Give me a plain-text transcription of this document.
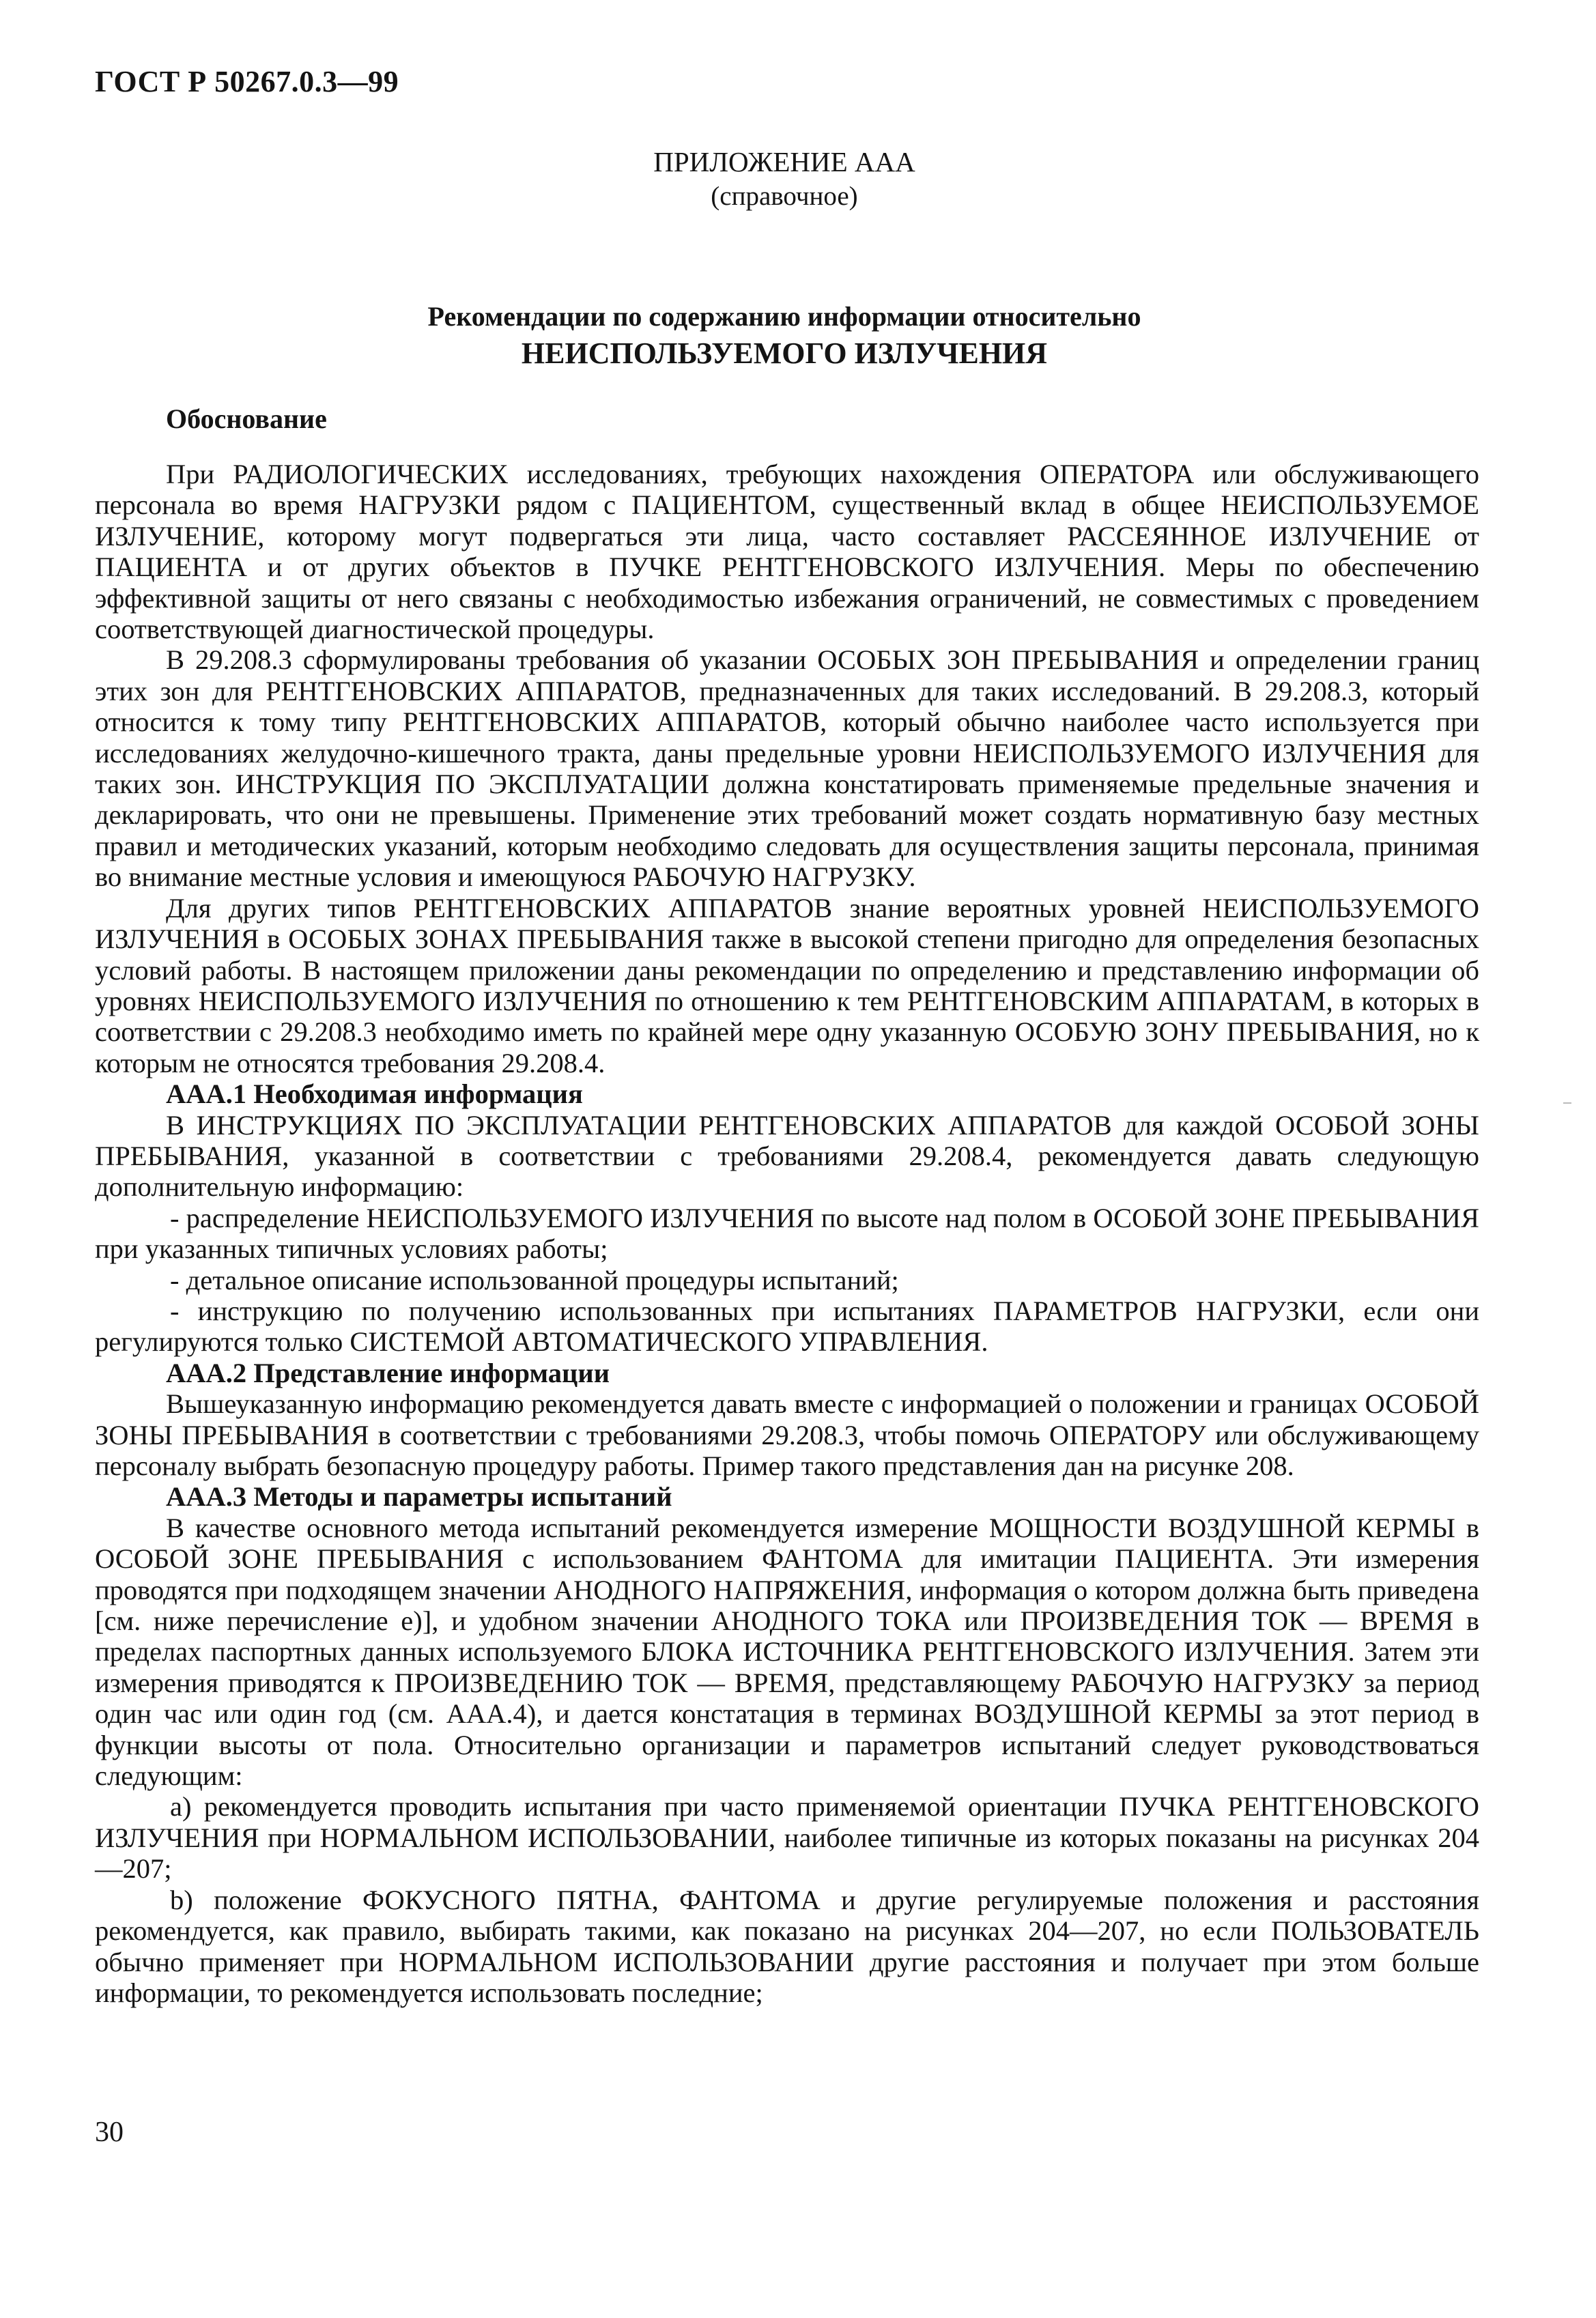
ГОСТ Р 50267.0.3—99
ПРИЛОЖЕНИЕ ААА
(справочное)
Рекомендации по содержанию информации относительно
НЕИСПОЛЬЗУЕМОГО ИЗЛУЧЕНИЯ
Обоснование

При РАДИОЛОГИЧЕСКИХ исследованиях, требующих нахождения ОПЕРАТОРА или обслуживающего персонала во время НАГРУЗКИ рядом с ПАЦИЕНТОМ, существенный вклад в общее НЕИСПОЛЬЗУЕМОЕ ИЗЛУЧЕНИЕ, которому могут подвергаться эти лица, часто составляет РАССЕЯННОЕ ИЗЛУЧЕНИЕ от ПАЦИЕНТА и от других объектов в ПУЧКЕ РЕНТГЕНОВСКОГО ИЗЛУЧЕНИЯ. Меры по обеспечению эффективной защиты от него связаны с необходимостью избежания ограничений, не совместимых с проведением соответствующей диагностической процедуры.

В 29.208.3 сформулированы требования об указании ОСОБЫХ ЗОН ПРЕБЫВАНИЯ и определении границ этих зон для РЕНТГЕНОВСКИХ АППАРАТОВ, предназначенных для таких исследований. В 29.208.3, который относится к тому типу РЕНТГЕНОВСКИХ АППАРАТОВ, который обычно наиболее часто используется при исследованиях желудочно-кишечного тракта, даны предельные уровни НЕИСПОЛЬЗУЕМОГО ИЗЛУЧЕНИЯ для таких зон. ИНСТРУКЦИЯ ПО ЭКСПЛУАТАЦИИ должна констатировать применяемые предельные значения и декларировать, что они не превышены. Применение этих требований может создать нормативную базу местных правил и методических указаний, которым необходимо следовать для осуществления защиты персонала, принимая во внимание местные условия и имеющуюся РАБОЧУЮ НАГРУЗКУ.

Для других типов РЕНТГЕНОВСКИХ АППАРАТОВ знание вероятных уровней НЕИСПОЛЬЗУЕМОГО ИЗЛУЧЕНИЯ в ОСОБЫХ ЗОНАХ ПРЕБЫВАНИЯ также в высокой степени пригодно для определения безопасных условий работы. В настоящем приложении даны рекомендации по определению и представлению информации об уровнях НЕИСПОЛЬЗУЕМОГО ИЗЛУЧЕНИЯ по отношению к тем РЕНТГЕНОВСКИМ АППАРАТАМ, в которых в соответствии с 29.208.3 необходимо иметь по крайней мере одну указанную ОСОБУЮ ЗОНУ ПРЕБЫВАНИЯ, но к которым не относятся требования 29.208.4.

ААА.1 Необходимая информация

В ИНСТРУКЦИЯХ ПО ЭКСПЛУАТАЦИИ РЕНТГЕНОВСКИХ АППАРАТОВ для каждой ОСОБОЙ ЗОНЫ ПРЕБЫВАНИЯ, указанной в соответствии с требованиями 29.208.4, рекомендуется давать следующую дополнительную информацию:

- распределение НЕИСПОЛЬЗУЕМОГО ИЗЛУЧЕНИЯ по высоте над полом в ОСОБОЙ ЗОНЕ ПРЕБЫВАНИЯ при указанных типичных условиях работы;

- детальное описание использованной процедуры испытаний;

- инструкцию по получению использованных при испытаниях ПАРАМЕТРОВ НАГРУЗКИ, если они регулируются только СИСТЕМОЙ АВТОМАТИЧЕСКОГО УПРАВЛЕНИЯ.

ААА.2 Представление информации

Вышеуказанную информацию рекомендуется давать вместе с информацией о положении и границах ОСОБОЙ ЗОНЫ ПРЕБЫВАНИЯ в соответствии с требованиями 29.208.3, чтобы помочь ОПЕРАТОРУ или обслуживающему персоналу выбрать безопасную процедуру работы. Пример такого представления дан на рисунке 208.

ААА.3 Методы и параметры испытаний

В качестве основного метода испытаний рекомендуется измерение МОЩНОСТИ ВОЗДУШНОЙ КЕРМЫ в ОСОБОЙ ЗОНЕ ПРЕБЫВАНИЯ с использованием ФАНТОМА для имитации ПАЦИЕНТА. Эти измерения проводятся при подходящем значении АНОДНОГО НАПРЯЖЕНИЯ, информация о котором должна быть приведена [см. ниже перечисление е)], и удобном значении АНОДНОГО ТОКА или ПРОИЗВЕДЕНИЯ ТОК — ВРЕМЯ в пределах паспортных данных используемого БЛОКА ИСТОЧНИКА РЕНТГЕНОВСКОГО ИЗЛУЧЕНИЯ. Затем эти измерения приводятся к ПРОИЗВЕДЕНИЮ ТОК — ВРЕМЯ, представляющему РАБОЧУЮ НАГРУЗКУ за период один час или один год (см. ААА.4), и дается констатация в терминах ВОЗДУШНОЙ КЕРМЫ за этот период в функции высоты от пола. Относительно организации и параметров испытаний следует руководствоваться следующим:

а) рекомендуется проводить испытания при часто применяемой ориентации ПУЧКА РЕНТГЕНОВСКОГО ИЗЛУЧЕНИЯ при НОРМАЛЬНОМ ИСПОЛЬЗОВАНИИ, наиболее типичные из которых показаны на рисунках 204—207;

b) положение ФОКУСНОГО ПЯТНА, ФАНТОМА и другие регулируемые положения и расстояния рекомендуется, как правило, выбирать такими, как показано на рисунках 204—207, но если ПОЛЬЗОВАТЕЛЬ обычно применяет при НОРМАЛЬНОМ ИСПОЛЬЗОВАНИИ другие расстояния и получает при этом больше информации, то рекомендуется использовать последние;

30
